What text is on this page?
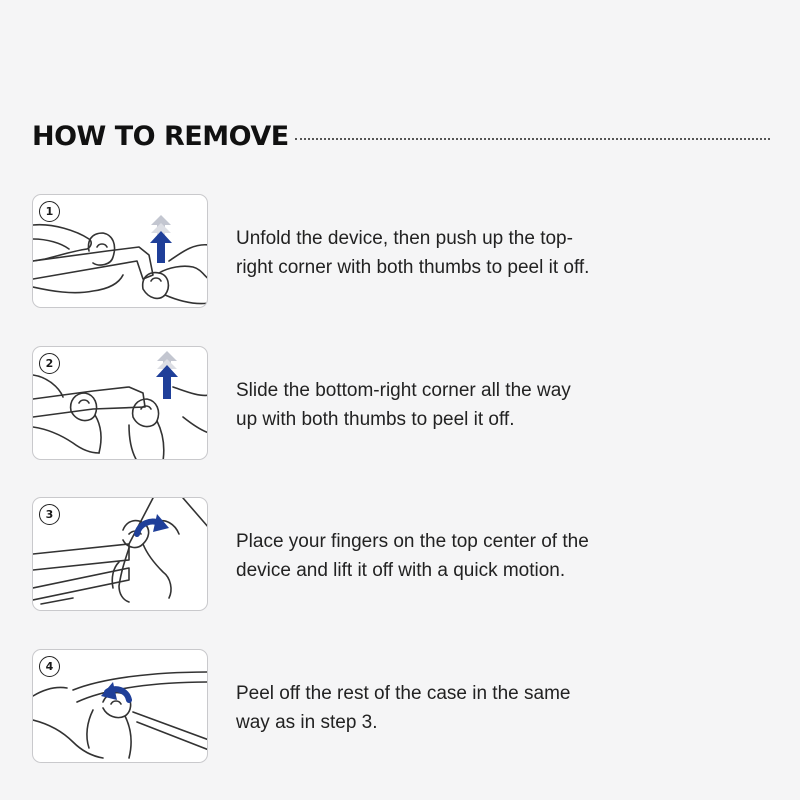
HOW TO REMOVE
1
Unfold the device, then push up the top-
right corner with both thumbs to peel it off.
2
Slide the bottom-right corner all the way
up with both thumbs to peel it off.
3
Place your fingers on the top center of the
device and lift it off with a quick motion.
4
Peel off the rest of the case in the same
way as in step 3.
